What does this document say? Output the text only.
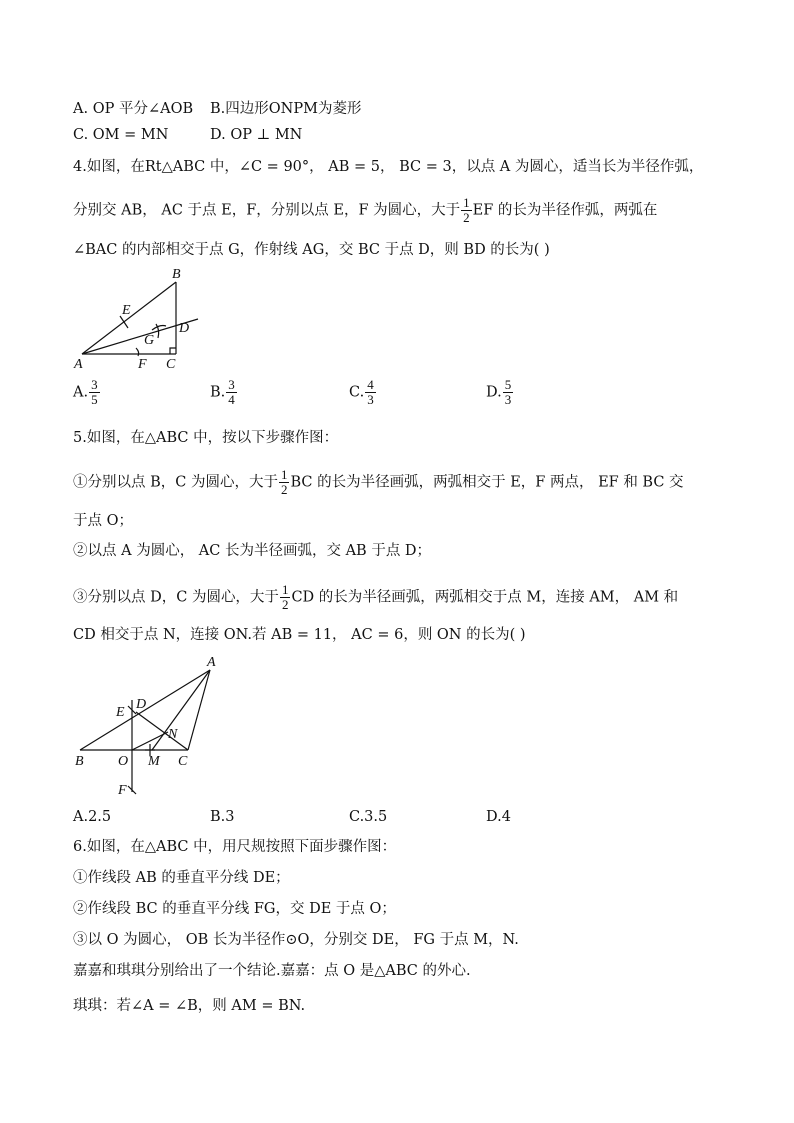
A. OP 平分∠AOB B.四边形ONPM为菱形
C. OM = MN	D. OP ⊥ MN
4.如图，在Rt△ABC 中，∠C = 90°， AB = 5， BC = 3，以点 A 为圆心，适当长为半径作弧，
分别交 AB， AC 于点 E，F，分别以点 E，F 为圆心，大于 $\frac{1}{2}$ EF 的长为半径作弧，两弧在
∠BAC 的内部相交于点 G，作射线 AG，交 BC 于点 D，则 BD 的长为( )
B
E
G
D
A	F C
A. $\frac{3}{5}$	B. $\frac{3}{4}$	C. $\frac{4}{3}$	D. $\frac{5}{3}$
5.如图，在△ABC 中，按以下步骤作图：
①分别以点 B，C 为圆心，大于 $\frac{1}{2}$ BC 的长为半径画弧，两弧相交于 E，F 两点， EF 和 BC 交
于点 O；
②以点 A 为圆心， AC 长为半径画弧，交 AB 于点 D；
③分别以点 D，C 为圆心，大于 $\frac{1}{2}$ CD 的长为半径画弧，两弧相交于点 M，连接 AM， AM 和
CD 相交于点 N，连接 ON.若 AB = 11， AC = 6，则 ON 的长为( )
A
E
D
N
B O M C
F
A.2.5	B.3	C.3.5	D.4
6.如图，在△ABC 中，用尺规按照下面步骤作图：
①作线段 AB 的垂直平分线 DE；
②作线段 BC 的垂直平分线 FG，交 DE 于点 O；
③以 O 为圆心， OB 长为半径作⊙O，分别交 DE， FG 于点 M，N.
嘉嘉和琪琪分别给出了一个结论.嘉嘉：点 O 是△ABC 的外心.
琪琪：若∠A = ∠B，则 AM = BN.
